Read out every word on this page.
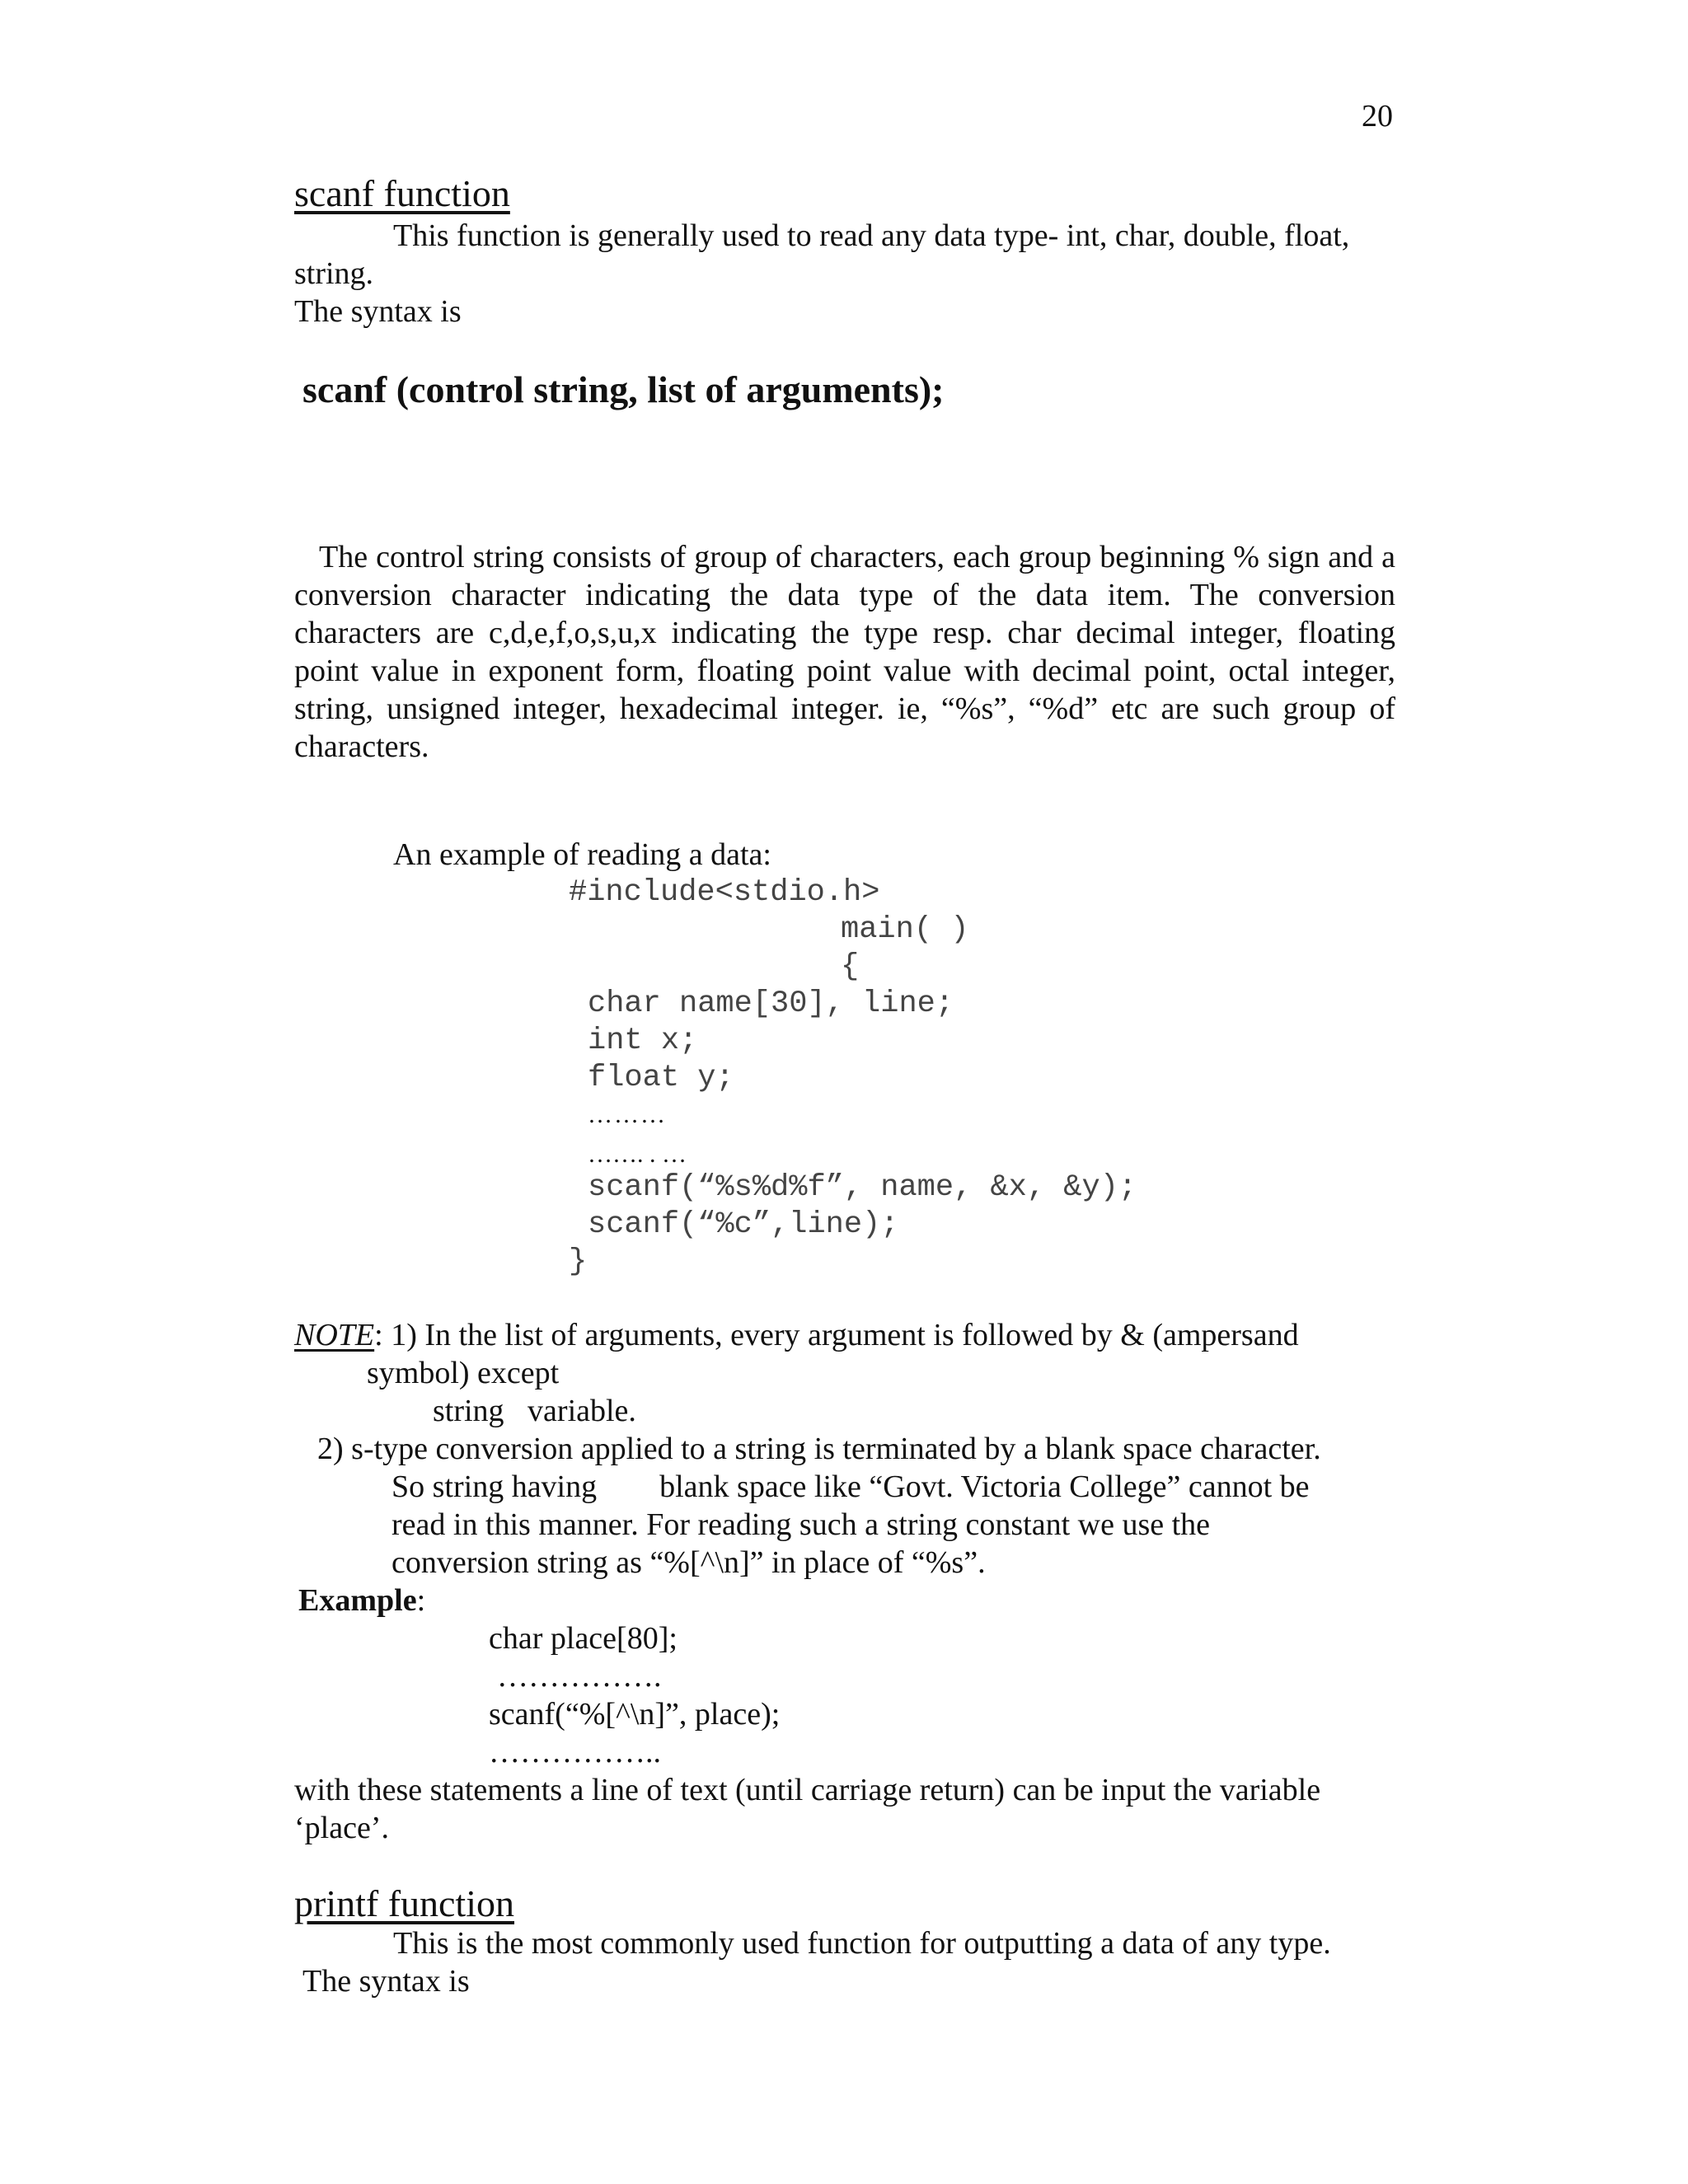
20
scanf function
This function is generally used to read any data type- int, char, double, float,
string.
The syntax is
scanf (control string, list of arguments);
The control string consists of group of characters, each group beginning % sign and a conversion character indicating the data type of the data item. The conversion characters are c,d,e,f,o,s,u,x indicating the type resp. char decimal integer, floating point value in exponent form, floating point value with decimal point, octal integer, string, unsigned integer, hexadecimal integer. ie, “%s”, “%d” etc are such group of characters.
An example of reading a data:
#include<stdio.h>
main( )
{
char name[30], line;
int x;
float y;
………
……. . …
scanf(“%s%d%f”, name, &x, &y);
scanf(“%c”,line);
}
NOTE: 1) In the list of arguments, every argument is followed by & (ampersand
symbol) except
string   variable.
2) s-type conversion applied to a string is terminated by a blank space character.
So string having        blank space like “Govt. Victoria College” cannot be
read in this manner. For reading such a string constant we use the
conversion string as “%[^\n]” in place of “%s”.
Example:
char place[80];
…………….
scanf(“%[^\n]”, place);
……………..
with these statements a line of text (until carriage return) can be input the variable
‘place’.
printf function
This is the most commonly used function for outputting a data of any type.
The syntax is
